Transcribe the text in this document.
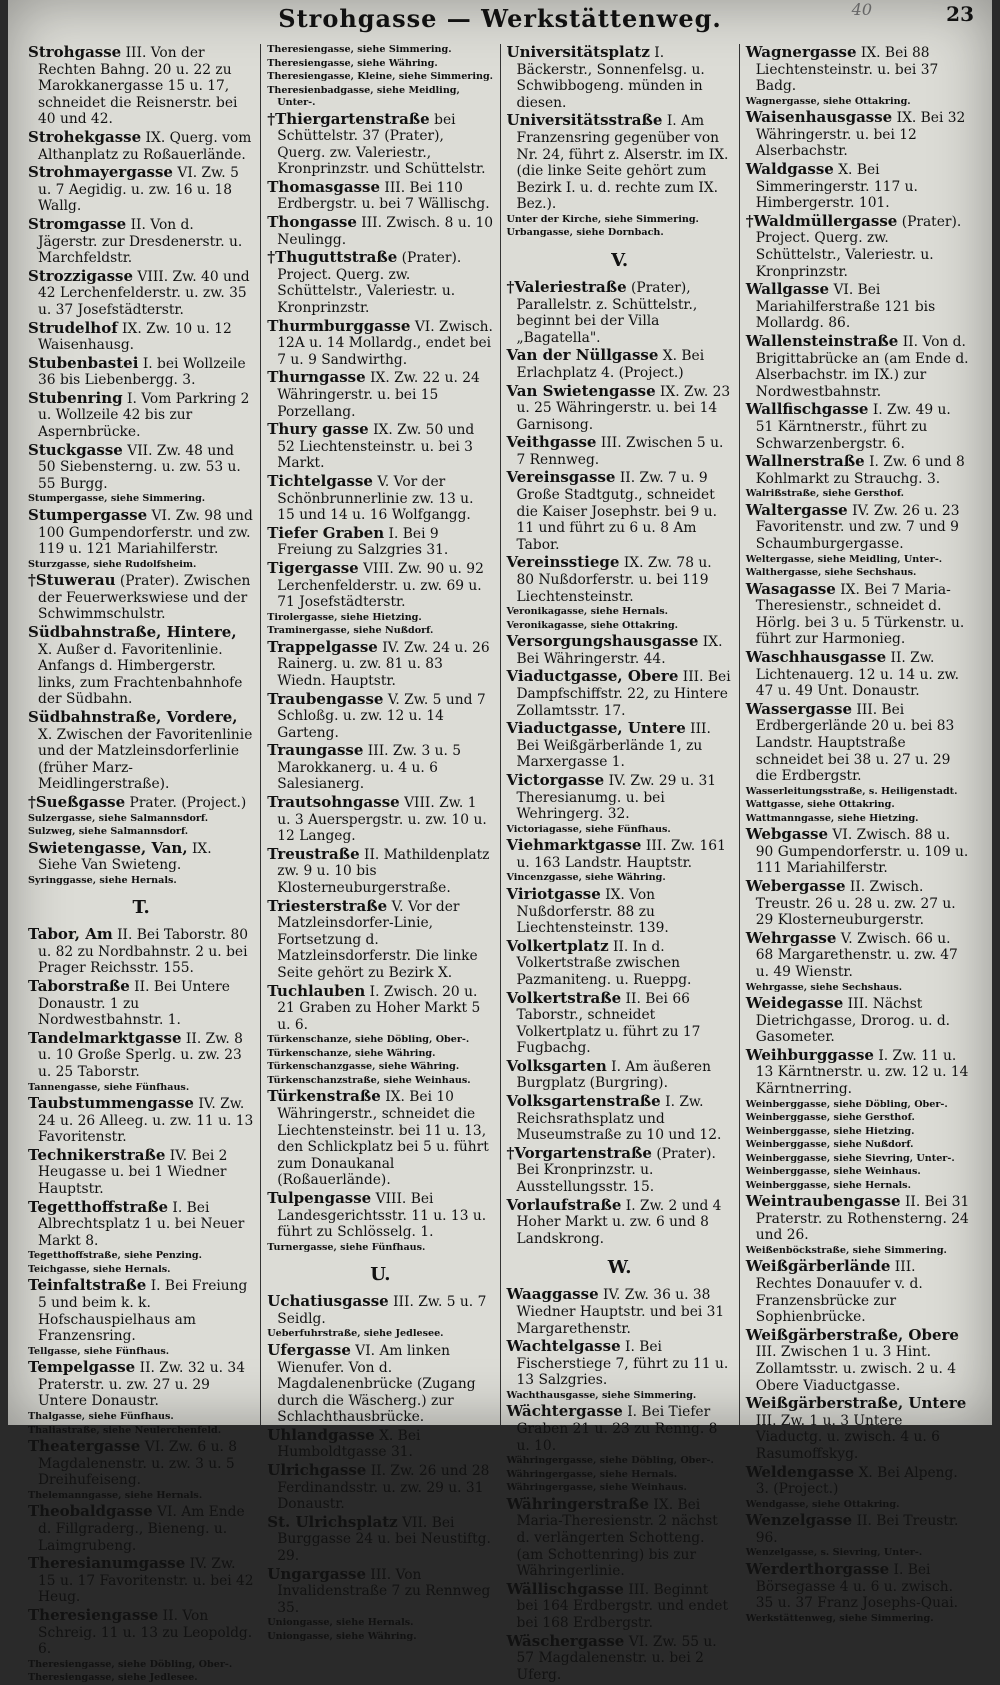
40
Strohgasse — Werkstättenweg.	23
Strohgasse III. Von der Rechten Bahng. 20 u. 22 zu Marokkanergasse 15 u. 17, schneidet die Reisnerstr. bei 40 und 42.
Strohekgasse IX. Querg. vom Althanplatz zu Roßauerlände.
Strohmayergasse VI. Zw. 5 u. 7 Aegidig. u. zw. 16 u. 18 Wallg.
Stromgasse II. Von d. Jägerstr. zur Dresdenerstr. u. Marchfeldstr.
Strozzigasse VIII. Zw. 40 und 42 Lerchenfelderstr. u. zw. 35 u. 37 Josefstädterstr.
Strudelhof IX. Zw. 10 u. 12 Waisenhausg.
Stubenbastei I. bei Wollzeile 36 bis Liebenbergg. 3.
Stubenring I. Vom Parkring 2 u. Wollzeile 42 bis zur Aspernbrücke.
Stuckgasse VII. Zw. 48 und 50 Siebensterng. u. zw. 53 u. 55 Burgg.
Stumpergasse, siehe Simmering.
Stumpergasse VI. Zw. 98 und 100 Gumpendorferstr. und zw. 119 u. 121 Mariahilferstr.
Sturzgasse, siehe Rudolfsheim.
†Stuwerau (Prater). Zwischen der Feuerwerkswiese und der Schwimmschulstr.
Südbahnstraße, Hintere, X. Außer d. Favoritenlinie. Anfangs d. Himbergerstr. links, zum Frachtenbahnhofe der Südbahn.
Südbahnstraße, Vordere, X. Zwischen der Favoritenlinie und der Matzleinsdorferlinie (früher Marz-Meidlingerstraße).
†Sueßgasse Prater. (Project.)
Sulzergasse, siehe Salmannsdorf.
Sulzweg, siehe Salmannsdorf.
Swietengasse, Van, IX. Siehe Van Swieteng.
Syringgasse, siehe Hernals.
T.
Tabor, Am II. Bei Taborstr. 80 u. 82 zu Nordbahnstr. 2 u. bei Prager Reichsstr. 155.
Taborstraße II. Bei Untere Donaustr. 1 zu Nordwestbahnstr. 1.
Tandelmarktgasse II. Zw. 8 u. 10 Große Sperlg. u. zw. 23 u. 25 Taborstr.
Tannengasse, siehe Fünfhaus.
Taubstummengasse IV. Zw. 24 u. 26 Alleeg. u. zw. 11 u. 13 Favoritenstr.
Technikerstraße IV. Bei 2 Heugasse u. bei 1 Wiedner Hauptstr.
Tegetthoffstraße I. Bei Albrechtsplatz 1 u. bei Neuer Markt 8.
Tegetthoffstraße, siehe Penzing.
Teichgasse, siehe Hernals.
Teinfaltstraße I. Bei Freiung 5 und beim k. k. Hofschauspielhaus am Franzensring.
Tellgasse, siehe Fünfhaus.
Tempelgasse II. Zw. 32 u. 34 Praterstr. u. zw. 27 u. 29 Untere Donaustr.
Thalgasse, siehe Fünfhaus.
Thaliastraße, siehe Neulerchenfeld.
Theatergasse VI. Zw. 6 u. 8 Magdalenenstr. u. zw. 3 u. 5 Dreihufeiseng.
Thelemanngasse, siehe Hernals.
Theobaldgasse VI. Am Ende d. Fillgraderg., Bieneng. u. Laimgrubeng.
Theresianumgasse IV. Zw. 15 u. 17 Favoritenstr. u. bei 42 Heug.
Theresiengasse II. Von Schreig. 11 u. 13 zu Leopoldg. 6.
Theresiengasse, siehe Döbling, Ober-.
Theresiengasse, siehe Jedlesee.
Theresiengasse, siehe Simmering.
Theresiengasse, siehe Währing.
Theresiengasse, Kleine, siehe Simmering.
Theresienbadgasse, siehe Meidling, Unter-.
†Thiergartenstraße bei Schüttelstr. 37 (Prater), Querg. zw. Valeriestr., Kronprinzstr. und Schüttelstr.
Thomasgasse III. Bei 110 Erdbergstr. u. bei 7 Wällischg.
Thongasse III. Zwisch. 8 u. 10 Neulingg.
†Thuguttstraße (Prater). Project. Querg. zw. Schüttelstr., Valeriestr. u. Kronprinzstr.
Thurmburggasse VI. Zwisch. 12A u. 14 Mollardg., endet bei 7 u. 9 Sandwirthg.
Thurngasse IX. Zw. 22 u. 24 Währingerstr. u. bei 15 Porzellang.
Thury gasse IX. Zw. 50 und 52 Liechtensteinstr. u. bei 3 Markt.
Tichtelgasse V. Vor der Schönbrunnerlinie zw. 13 u. 15 und 14 u. 16 Wolfgangg.
Tiefer Graben I. Bei 9 Freiung zu Salzgries 31.
Tigergasse VIII. Zw. 90 u. 92 Lerchenfelderstr. u. zw. 69 u. 71 Josefstädterstr.
Tirolergasse, siehe Hietzing.
Traminergasse, siehe Nußdorf.
Trappelgasse IV. Zw. 24 u. 26 Rainerg. u. zw. 81 u. 83 Wiedn. Hauptstr.
Traubengasse V. Zw. 5 und 7 Schloßg. u. zw. 12 u. 14 Garteng.
Traungasse III. Zw. 3 u. 5 Marokkanerg. u. 4 u. 6 Salesianerg.
Trautsohngasse VIII. Zw. 1 u. 3 Auerspergstr. u. zw. 10 u. 12 Langeg.
Treustraße II. Mathildenplatz zw. 9 u. 10 bis Klosterneuburgerstraße.
Triesterstraße V. Vor der Matzleinsdorfer-Linie, Fortsetzung d. Matzleinsdorferstr. Die linke Seite gehört zu Bezirk X.
Tuchlauben I. Zwisch. 20 u. 21 Graben zu Hoher Markt 5 u. 6.
Türkenschanze, siehe Döbling, Ober-.
Türkenschanze, siehe Währing.
Türkenschanzgasse, siehe Währing.
Türkenschanzstraße, siehe Weinhaus.
Türkenstraße IX. Bei 10 Währingerstr., schneidet die Liechtensteinstr. bei 11 u. 13, den Schlickplatz bei 5 u. führt zum Donaukanal (Roßauerlände).
Tulpengasse VIII. Bei Landesgerichtsstr. 11 u. 13 u. führt zu Schlösselg. 1.
Turnergasse, siehe Fünfhaus.
U.
Uchatiusgasse III. Zw. 5 u. 7 Seidlg.
Ueberfuhrstraße, siehe Jedlesee.
Ufergasse VI. Am linken Wienufer. Von d. Magdalenenbrücke (Zugang durch die Wäscherg.) zur Schlachthausbrücke.
Uhlandgasse X. Bei Humboldtgasse 31.
Ulrichgasse II. Zw. 26 und 28 Ferdinandsstr. u. zw. 29 u. 31 Donaustr.
St. Ulrichsplatz VII. Bei Burggasse 24 u. bei Neustiftg. 29.
Ungargasse III. Von Invalidenstraße 7 zu Rennweg 35.
Uniongasse, siehe Hernals.
Uniongasse, siehe Währing.
Universitätsplatz I. Bäckerstr., Sonnenfelsg. u. Schwibbogeng. münden in diesen.
Universitätsstraße I. Am Franzensring gegenüber von Nr. 24, führt z. Alserstr. im IX. (die linke Seite gehört zum Bezirk I. u. d. rechte zum IX. Bez.).
Unter der Kirche, siehe Simmering.
Urbangasse, siehe Dornbach.
V.
†Valeriestraße (Prater), Parallelstr. z. Schüttelstr., beginnt bei der Villa „Bagatella".
Van der Nüllgasse X. Bei Erlachplatz 4. (Project.)
Van Swietengasse IX. Zw. 23 u. 25 Währingerstr. u. bei 14 Garnisong.
Veithgasse III. Zwischen 5 u. 7 Rennweg.
Vereinsgasse II. Zw. 7 u. 9 Große Stadtgutg., schneidet die Kaiser Josephstr. bei 9 u. 11 und führt zu 6 u. 8 Am Tabor.
Vereinsstiege IX. Zw. 78 u. 80 Nußdorferstr. u. bei 119 Liechtensteinstr.
Veronikagasse, siehe Hernals.
Veronikagasse, siehe Ottakring.
Versorgungshausgasse IX. Bei Währingerstr. 44.
Viaductgasse, Obere III. Bei Dampfschiffstr. 22, zu Hintere Zollamtsstr. 17.
Viaductgasse, Untere III. Bei Weißgärberlände 1, zu Marxergasse 1.
Victorgasse IV. Zw. 29 u. 31 Theresianumg. u. bei Wehringerg. 32.
Victoriagasse, siehe Fünfhaus.
Viehmarktgasse III. Zw. 161 u. 163 Landstr. Hauptstr.
Vincenzgasse, siehe Währing.
Viriotgasse IX. Von Nußdorferstr. 88 zu Liechtensteinstr. 139.
Volkertplatz II. In d. Volkertstraße zwischen Pazmaniteng. u. Rueppg.
Volkertstraße II. Bei 66 Taborstr., schneidet Volkertplatz u. führt zu 17 Fugbachg.
Volksgarten I. Am äußeren Burgplatz (Burgring).
Volksgartenstraße I. Zw. Reichsrathsplatz und Museumstraße zu 10 und 12.
†Vorgartenstraße (Prater). Bei Kronprinzstr. u. Ausstellungsstr. 15.
Vorlaufstraße I. Zw. 2 und 4 Hoher Markt u. zw. 6 und 8 Landskrong.
W.
Waaggasse IV. Zw. 36 u. 38 Wiedner Hauptstr. und bei 31 Margarethenstr.
Wachtelgasse I. Bei Fischerstiege 7, führt zu 11 u. 13 Salzgries.
Wachthausgasse, siehe Simmering.
Wächtergasse I. Bei Tiefer Graben 21 u. 23 zu Renng. 8 u. 10.
Währingergasse, siehe Döbling, Ober-.
Währingergasse, siehe Hernals.
Währingergasse, siehe Weinhaus.
Währingerstraße IX. Bei Maria-Theresienstr. 2 nächst d. verlängerten Schotteng. (am Schottenring) bis zur Währingerlinie.
Wällischgasse III. Beginnt bei 164 Erdbergstr. und endet bei 168 Erdbergstr.
Wäschergasse VI. Zw. 55 u. 57 Magdalenenstr. u. bei 2 Uferg.
Wagnergasse IX. Bei 88 Liechtensteinstr. u. bei 37 Badg.
Wagnergasse, siehe Ottakring.
Waisenhausgasse IX. Bei 32 Währingerstr. u. bei 12 Alserbachstr.
Waldgasse X. Bei Simmeringerstr. 117 u. Himbergerstr. 101.
†Waldmüllergasse (Prater). Project. Querg. zw. Schüttelstr., Valeriestr. u. Kronprinzstr.
Wallgasse VI. Bei Mariahilferstraße 121 bis Mollardg. 86.
Wallensteinstraße II. Von d. Brigittabrücke an (am Ende d. Alserbachstr. im IX.) zur Nordwestbahnstr.
Wallfischgasse I. Zw. 49 u. 51 Kärntnerstr., führt zu Schwarzenbergstr. 6.
Wallnerstraße I. Zw. 6 und 8 Kohlmarkt zu Strauchg. 3.
Walrißstraße, siehe Gersthof.
Waltergasse IV. Zw. 26 u. 23 Favoritenstr. und zw. 7 und 9 Schaumburgergasse.
Weltergasse, siehe Meidling, Unter-.
Walthergasse, siehe Sechshaus.
Wasagasse IX. Bei 7 Maria-Theresienstr., schneidet d. Hörlg. bei 3 u. 5 Türkenstr. u. führt zur Harmonieg.
Waschhausgasse II. Zw. Lichtenauerg. 12 u. 14 u. zw. 47 u. 49 Unt. Donaustr.
Wassergasse III. Bei Erdbergerlände 20 u. bei 83 Landstr. Hauptstraße schneidet bei 38 u. 27 u. 29 die Erdbergstr.
Wasserleitungsstraße, s. Heiligenstadt.
Wattgasse, siehe Ottakring.
Wattmanngasse, siehe Hietzing.
Webgasse VI. Zwisch. 88 u. 90 Gumpendorferstr. u. 109 u. 111 Mariahilferstr.
Webergasse II. Zwisch. Treustr. 26 u. 28 u. zw. 27 u. 29 Klosterneuburgerstr.
Wehrgasse V. Zwisch. 66 u. 68 Margarethenstr. u. zw. 47 u. 49 Wienstr.
Wehrgasse, siehe Sechshaus.
Weidegasse III. Nächst Dietrichgasse, Drorog. u. d. Gasometer.
Weihburggasse I. Zw. 11 u. 13 Kärntnerstr. u. zw. 12 u. 14 Kärntnerring.
Weinberggasse, siehe Döbling, Ober-.
Weinberggasse, siehe Gersthof.
Weinberggasse, siehe Hietzing.
Weinberggasse, siehe Nußdorf.
Weinberggasse, siehe Sievring, Unter-.
Weinberggasse, siehe Weinhaus.
Weinberggasse, siehe Hernals.
Weintraubengasse II. Bei 31 Praterstr. zu Rothensterng. 24 und 26.
Weißenböckstraße, siehe Simmering.
Weißgärberlände III. Rechtes Donauufer v. d. Franzensbrücke zur Sophienbrücke.
Weißgärberstraße, Obere III. Zwischen 1 u. 3 Hint. Zollamtsstr. u. zwisch. 2 u. 4 Obere Viaductgasse.
Weißgärberstraße, Untere III. Zw. 1 u. 3 Untere Viaductg. u. zwisch. 4 u. 6 Rasumoffskyg.
Weldengasse X. Bei Alpeng. 3. (Project.)
Wendgasse, siehe Ottakring.
Wenzelgasse II. Bei Treustr. 96.
Wenzelgasse, s. Sievring, Unter-.
Werderthorgasse I. Bei Börsegasse 4 u. 6 u. zwisch. 35 u. 37 Franz Josephs-Quai.
Werkstättenweg, siehe Simmering.
